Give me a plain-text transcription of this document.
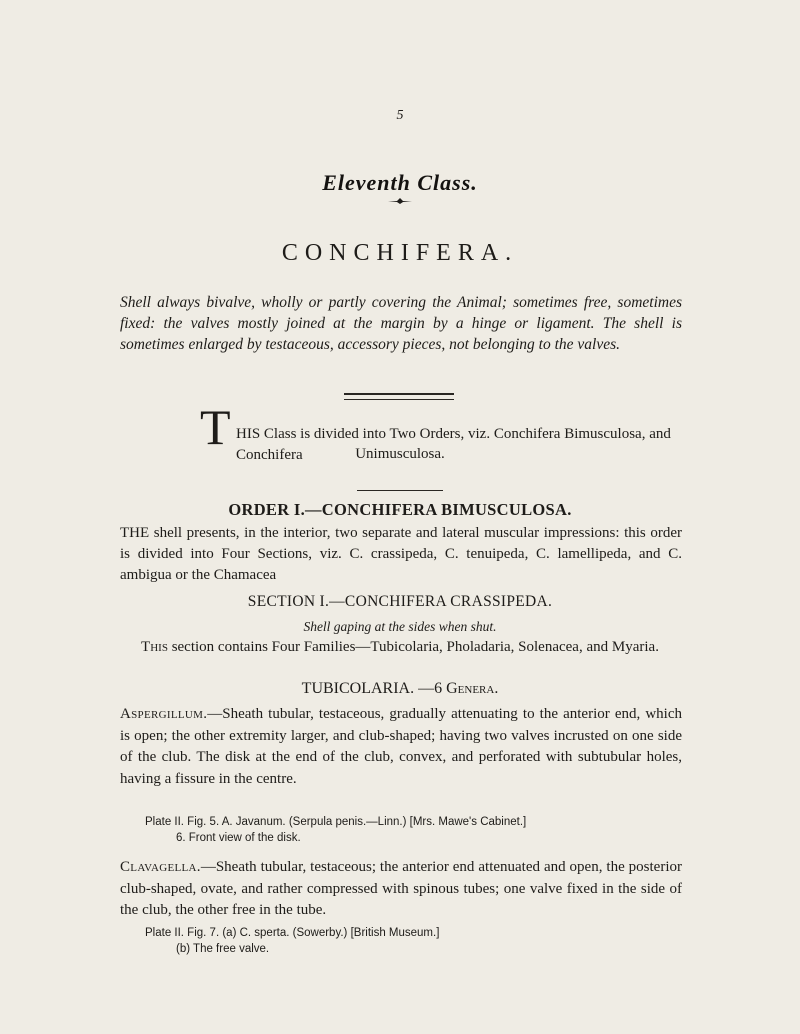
5
Eleventh Class.
CONCHIFERA.
Shell always bivalve, wholly or partly covering the Animal; sometimes free, sometimes fixed: the valves mostly joined at the margin by a hinge or ligament. The shell is sometimes enlarged by testaceous, accessory pieces, not belonging to the valves.
T HIS Class is divided into Two Orders, viz. Conchifera Bimusculosa, and Conchifera	Unimusculosa.
ORDER I.—CONCHIFERA BIMUSCULOSA.
THE shell presents, in the interior, two separate and lateral muscular impressions: this order is divided into Four Sections, viz. C. crassipeda, C. tenuipeda, C. lamellipeda, and C. ambigua or the Chamacea
SECTION I.—CONCHIFERA CRASSIPEDA.
Shell gaping at the sides when shut.
This section contains Four Families—Tubicolaria, Pholadaria, Solenacea, and Myaria.
TUBICOLARIA. —6 Genera.
Aspergillum.—Sheath tubular, testaceous, gradually attenuating to the anterior end, which is open; the other extremity larger, and club-shaped; having two valves incrusted on one side of the club. The disk at the end of the club, convex, and perforated with subtubular holes, having a fissure in the centre.
Plate II. Fig. 5. A. Javanum. (Serpula penis.—Linn.) [Mrs. Mawe's Cabinet.]
6. Front view of the disk.
Clavagella.—Sheath tubular, testaceous; the anterior end attenuated and open, the posterior club-shaped, ovate, and rather compressed with spinous tubes; one valve fixed in the side of the club, the other free in the tube.
Plate II. Fig. 7. (a) C. sperta. (Sowerby.) [British Museum.]
(b) The free valve.
